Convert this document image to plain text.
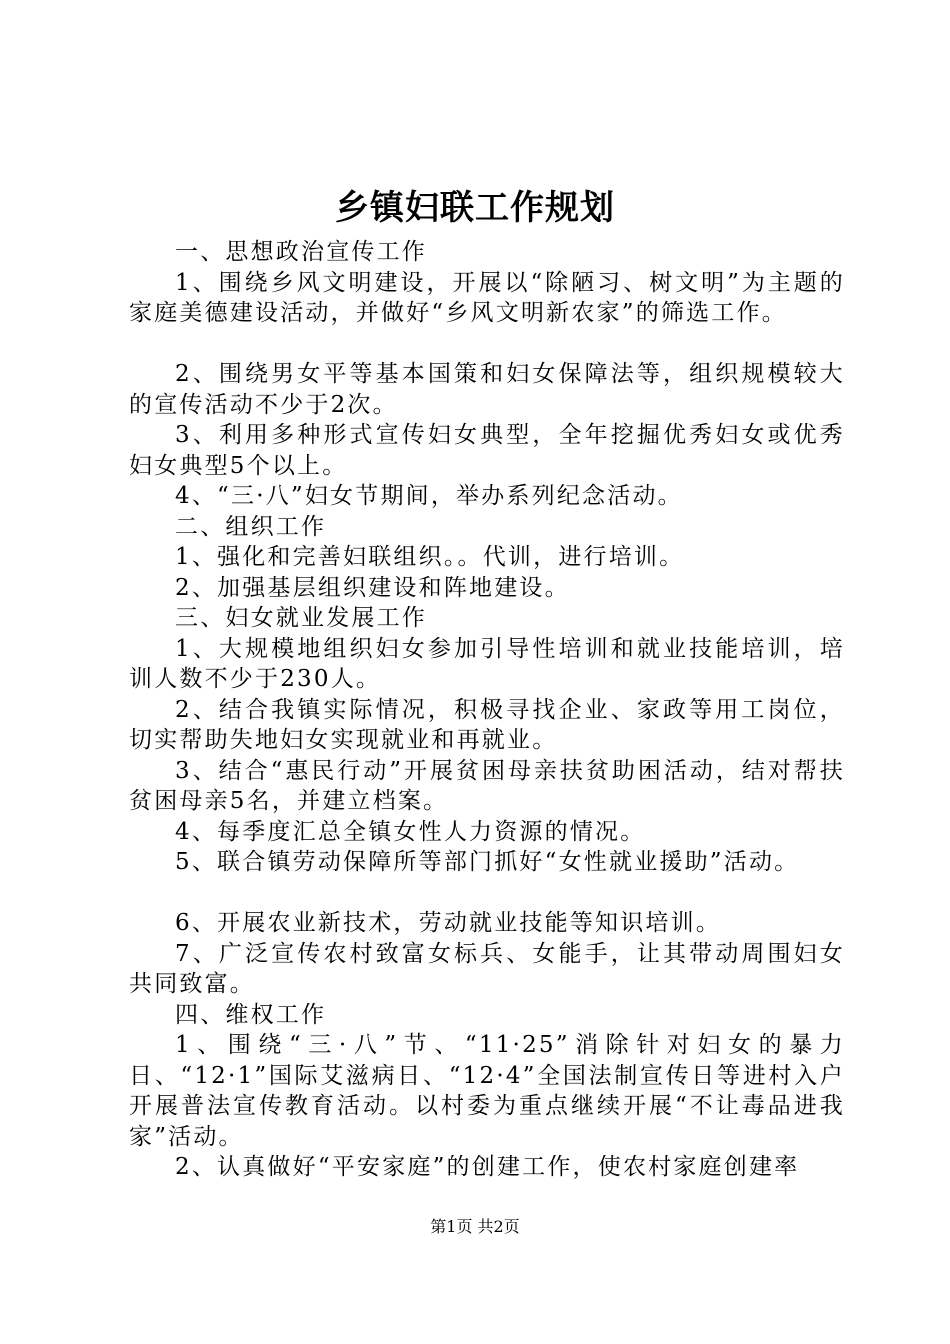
乡镇妇联工作规划

一、思想政治宣传工作

1、围绕乡风文明建设，开展以“除陋习、树文明”为主题的家庭美德建设活动，并做好“乡风文明新农家”的筛选工作。

2、围绕男女平等基本国策和妇女保障法等，组织规模较大的宣传活动不少于2次。

3、利用多种形式宣传妇女典型，全年挖掘优秀妇女或优秀妇女典型5个以上。

4、“三·八”妇女节期间，举办系列纪念活动。

二、组织工作

1、强化和完善妇联组织。。代训，进行培训。

2、加强基层组织建设和阵地建设。

三、妇女就业发展工作

1、大规模地组织妇女参加引导性培训和就业技能培训，培训人数不少于230人。

2、结合我镇实际情况，积极寻找企业、家政等用工岗位，切实帮助失地妇女实现就业和再就业。

3、结合“惠民行动”开展贫困母亲扶贫助困活动，结对帮扶贫困母亲5名，并建立档案。

4、每季度汇总全镇女性人力资源的情况。

5、联合镇劳动保障所等部门抓好“女性就业援助”活动。

6、开展农业新技术，劳动就业技能等知识培训。

7、广泛宣传农村致富女标兵、女能手，让其带动周围妇女共同致富。

四、维权工作

1、围绕“三·八”节、“11·25”消除针对妇女的暴力日、“12·1”国际艾滋病日、“12·4”全国法制宣传日等进村入户开展普法宣传教育活动。以村委为重点继续开展“不让毒品进我家”活动。

2、认真做好“平安家庭”的创建工作，使农村家庭创建率

第1页 共2页
